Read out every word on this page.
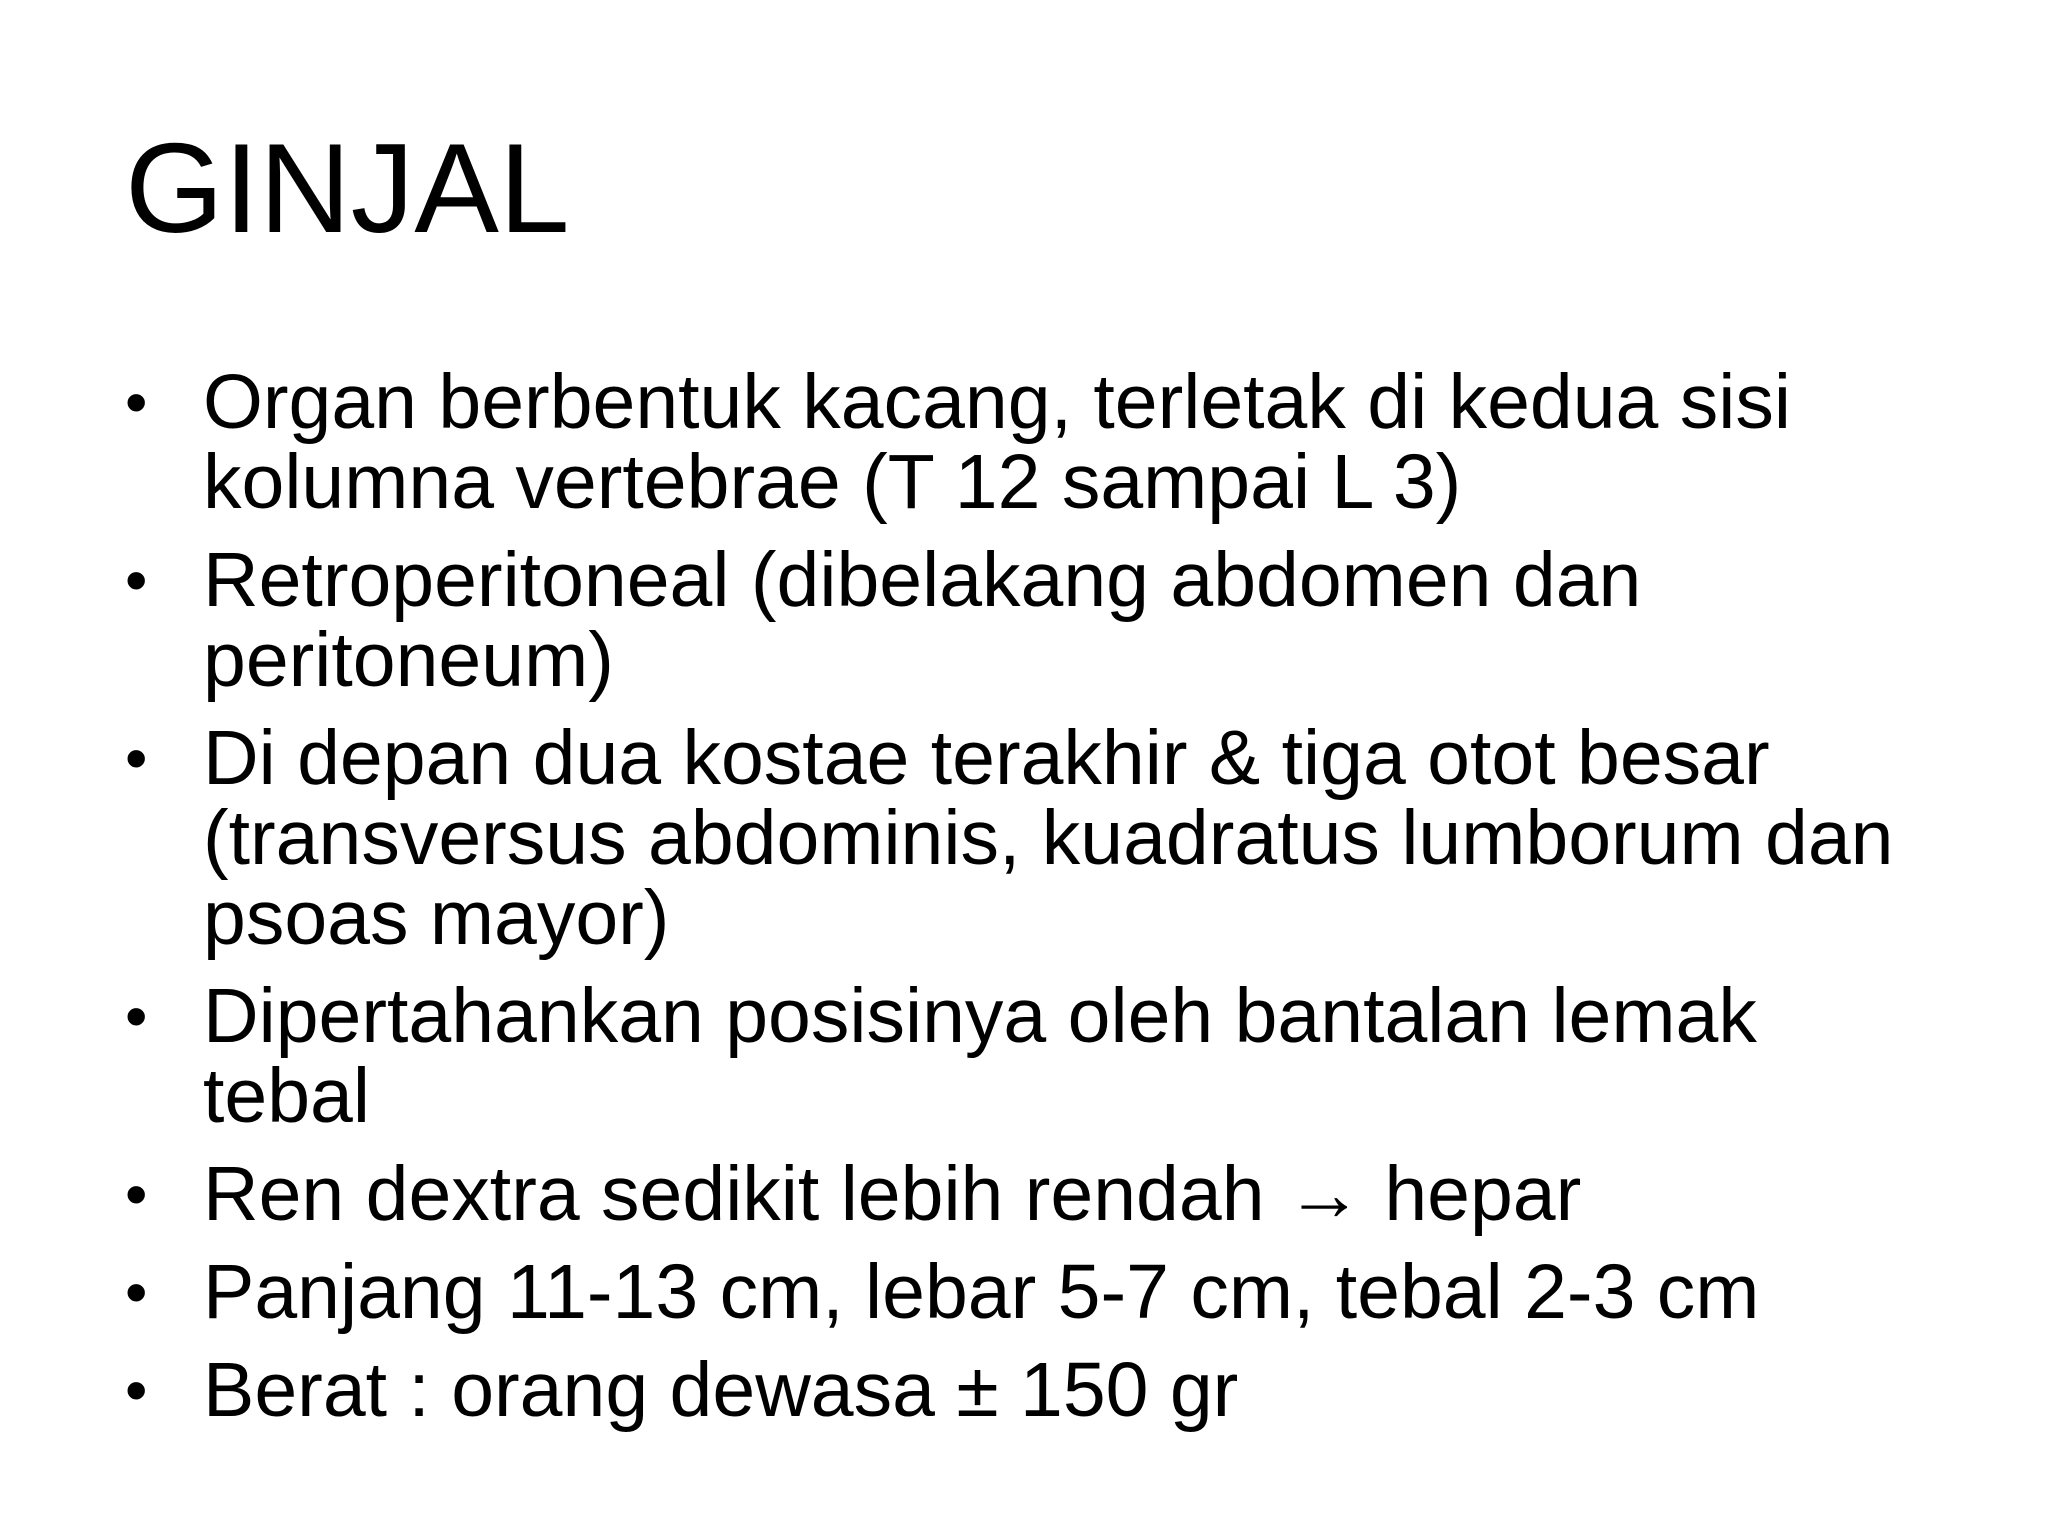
GINJAL
• Organ berbentuk kacang, terletak di kedua sisi kolumna vertebrae (T 12 sampai L 3)
• Retroperitoneal (dibelakang abdomen dan peritoneum)
• Di depan dua kostae terakhir & tiga otot besar (transversus abdominis, kuadratus lumborum dan psoas mayor)
• Dipertahankan posisinya oleh bantalan lemak tebal
• Ren dextra sedikit lebih rendah → hepar
• Panjang 11-13 cm, lebar 5-7 cm, tebal 2-3 cm
• Berat : orang dewasa ± 150 gr
